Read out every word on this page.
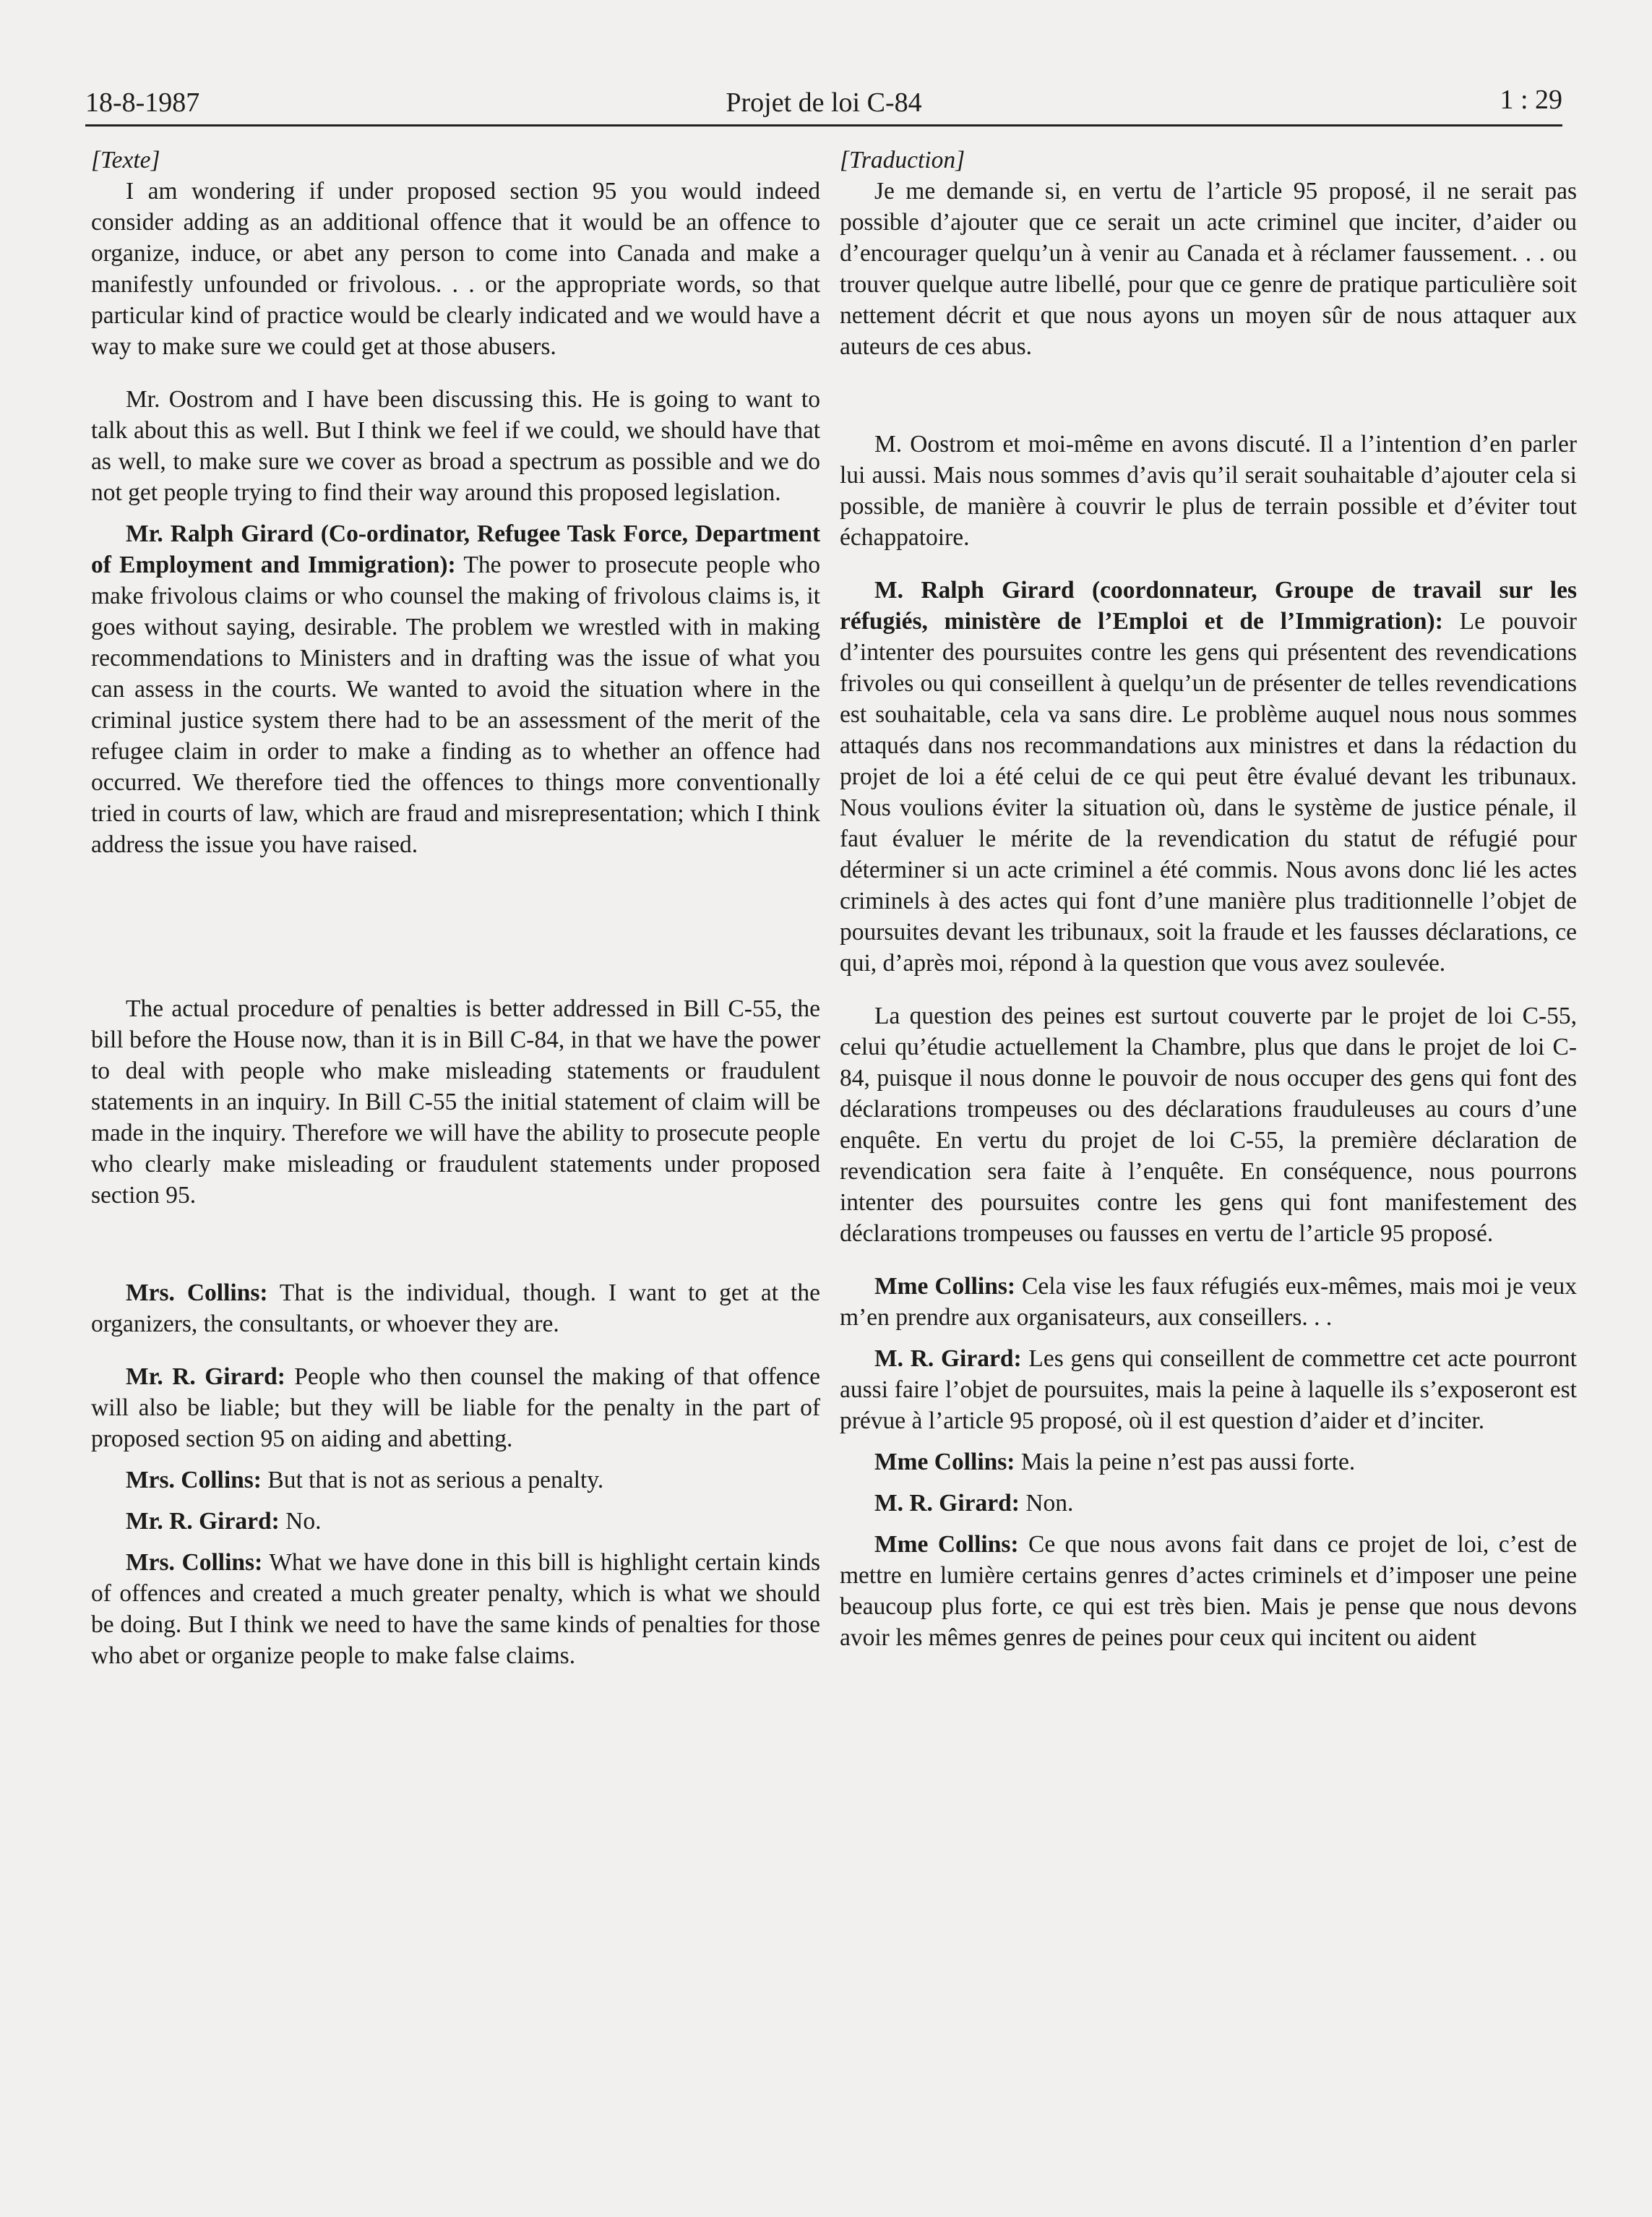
18-8-1987	Projet de loi C-84	1 : 29

[Texte]

I am wondering if under proposed section 95 you would indeed consider adding as an additional offence that it would be an offence to organize, induce, or abet any person to come into Canada and make a manifestly unfounded or frivolous. . . or the appropriate words, so that particular kind of practice would be clearly indicated and we would have a way to make sure we could get at those abusers.

Mr. Oostrom and I have been discussing this. He is going to want to talk about this as well. But I think we feel if we could, we should have that as well, to make sure we cover as broad a spectrum as possible and we do not get people trying to find their way around this proposed legislation.

Mr. Ralph Girard (Co-ordinator, Refugee Task Force, Department of Employment and Immigration): The power to prosecute people who make frivolous claims or who counsel the making of frivolous claims is, it goes without saying, desirable. The problem we wrestled with in making recommendations to Ministers and in drafting was the issue of what you can assess in the courts. We wanted to avoid the situation where in the criminal justice system there had to be an assessment of the merit of the refugee claim in order to make a finding as to whether an offence had occurred. We therefore tied the offences to things more conventionally tried in courts of law, which are fraud and misrepresentation; which I think address the issue you have raised.

The actual procedure of penalties is better addressed in Bill C-55, the bill before the House now, than it is in Bill C-84, in that we have the power to deal with people who make misleading statements or fraudulent statements in an inquiry. In Bill C-55 the initial statement of claim will be made in the inquiry. Therefore we will have the ability to prosecute people who clearly make misleading or fraudulent statements under proposed section 95.

Mrs. Collins: That is the individual, though. I want to get at the organizers, the consultants, or whoever they are.

Mr. R. Girard: People who then counsel the making of that offence will also be liable; but they will be liable for the penalty in the part of proposed section 95 on aiding and abetting.

Mrs. Collins: But that is not as serious a penalty.

Mr. R. Girard: No.

Mrs. Collins: What we have done in this bill is highlight certain kinds of offences and created a much greater penalty, which is what we should be doing. But I think we need to have the same kinds of penalties for those who abet or organize people to make false claims.

[Traduction]

Je me demande si, en vertu de l’article 95 proposé, il ne serait pas possible d’ajouter que ce serait un acte criminel que inciter, d’aider ou d’encourager quelqu’un à venir au Canada et à réclamer faussement. . . ou trouver quelque autre libellé, pour que ce genre de pratique particulière soit nettement décrit et que nous ayons un moyen sûr de nous attaquer aux auteurs de ces abus.

M. Oostrom et moi-même en avons discuté. Il a l’intention d’en parler lui aussi. Mais nous sommes d’avis qu’il serait souhaitable d’ajouter cela si possible, de manière à couvrir le plus de terrain possible et d’éviter tout échappatoire.

M. Ralph Girard (coordonnateur, Groupe de travail sur les réfugiés, ministère de l’Emploi et de l’Immigration): Le pouvoir d’intenter des poursuites contre les gens qui présentent des revendications frivoles ou qui conseillent à quelqu’un de présenter de telles revendications est souhaitable, cela va sans dire. Le problème auquel nous nous sommes attaqués dans nos recommandations aux ministres et dans la rédaction du projet de loi a été celui de ce qui peut être évalué devant les tribunaux. Nous voulions éviter la situation où, dans le système de justice pénale, il faut évaluer le mérite de la revendication du statut de réfugié pour déterminer si un acte criminel a été commis. Nous avons donc lié les actes criminels à des actes qui font d’une manière plus traditionnelle l’objet de poursuites devant les tribunaux, soit la fraude et les fausses déclarations, ce qui, d’après moi, répond à la question que vous avez soulevée.

La question des peines est surtout couverte par le projet de loi C-55, celui qu’étudie actuellement la Chambre, plus que dans le projet de loi C-84, puisque il nous donne le pouvoir de nous occuper des gens qui font des déclarations trompeuses ou des déclarations frauduleuses au cours d’une enquête. En vertu du projet de loi C-55, la première déclaration de revendication sera faite à l’enquête. En conséquence, nous pourrons intenter des poursuites contre les gens qui font manifestement des déclarations trompeuses ou fausses en vertu de l’article 95 proposé.

Mme Collins: Cela vise les faux réfugiés eux-mêmes, mais moi je veux m’en prendre aux organisateurs, aux conseillers. . .

M. R. Girard: Les gens qui conseillent de commettre cet acte pourront aussi faire l’objet de poursuites, mais la peine à laquelle ils s’exposeront est prévue à l’article 95 proposé, où il est question d’aider et d’inciter.

Mme Collins: Mais la peine n’est pas aussi forte.

M. R. Girard: Non.

Mme Collins: Ce que nous avons fait dans ce projet de loi, c’est de mettre en lumière certains genres d’actes criminels et d’imposer une peine beaucoup plus forte, ce qui est très bien. Mais je pense que nous devons avoir les mêmes genres de peines pour ceux qui incitent ou aident
